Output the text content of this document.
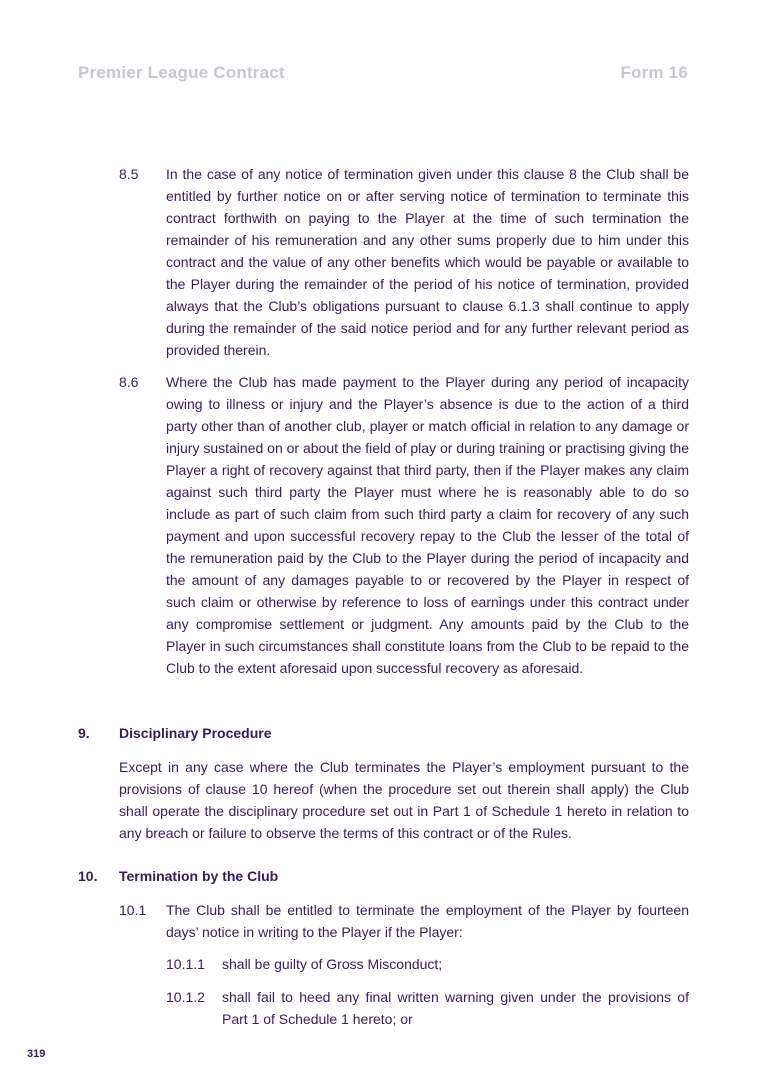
Premier League Contract	Form 16
8.5 In the case of any notice of termination given under this clause 8 the Club shall be entitled by further notice on or after serving notice of termination to terminate this contract forthwith on paying to the Player at the time of such termination the remainder of his remuneration and any other sums properly due to him under this contract and the value of any other benefits which would be payable or available to the Player during the remainder of the period of his notice of termination, provided always that the Club’s obligations pursuant to clause 6.1.3 shall continue to apply during the remainder of the said notice period and for any further relevant period as provided therein.
8.6 Where the Club has made payment to the Player during any period of incapacity owing to illness or injury and the Player’s absence is due to the action of a third party other than of another club, player or match official in relation to any damage or injury sustained on or about the field of play or during training or practising giving the Player a right of recovery against that third party, then if the Player makes any claim against such third party the Player must where he is reasonably able to do so include as part of such claim from such third party a claim for recovery of any such payment and upon successful recovery repay to the Club the lesser of the total of the remuneration paid by the Club to the Player during the period of incapacity and the amount of any damages payable to or recovered by the Player in respect of such claim or otherwise by reference to loss of earnings under this contract under any compromise settlement or judgment. Any amounts paid by the Club to the Player in such circumstances shall constitute loans from the Club to be repaid to the Club to the extent aforesaid upon successful recovery as aforesaid.
9. Disciplinary Procedure
Except in any case where the Club terminates the Player’s employment pursuant to the provisions of clause 10 hereof (when the procedure set out therein shall apply) the Club shall operate the disciplinary procedure set out in Part 1 of Schedule 1 hereto in relation to any breach or failure to observe the terms of this contract or of the Rules.
10. Termination by the Club
10.1 The Club shall be entitled to terminate the employment of the Player by fourteen days’ notice in writing to the Player if the Player:
10.1.1 shall be guilty of Gross Misconduct;
10.1.2 shall fail to heed any final written warning given under the provisions of Part 1 of Schedule 1 hereto; or
319
